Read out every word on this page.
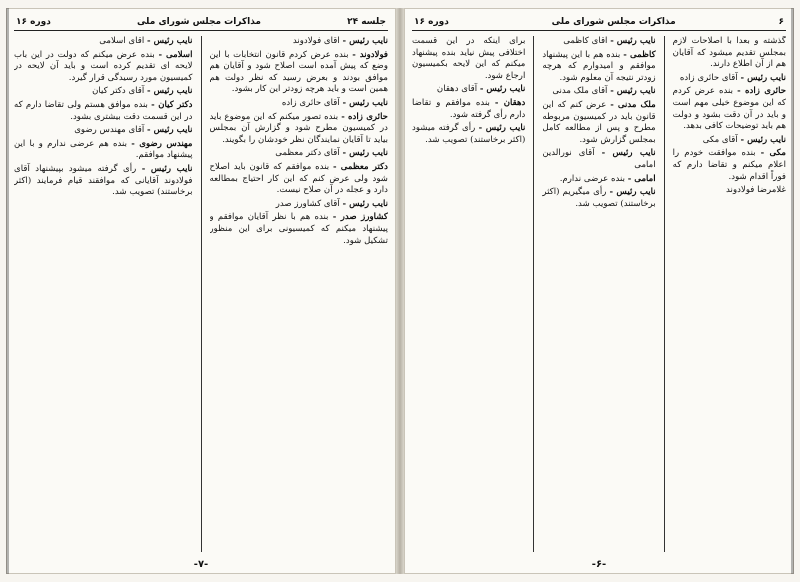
جلسه ۲۴
مذاکرات مجلس شورای ملی
دوره ۱۶

نایب رئیس - آقای فولادوند

فولادوند - بنده عرض کردم قانون انتخابات با این وضع که پیش آمده است اصلاح شود و آقایان هم موافق بودند و بعرض رسید که نظر دولت هم همین است و باید هرچه زودتر این کار بشود.

نایب رئیس - آقای حائری زاده

حائری زاده - بنده تصور میکنم که این موضوع باید در کمیسیون مطرح شود و گزارش آن بمجلس بیاید تا آقایان نمایندگان نظر خودشان را بگویند.

نایب رئیس - آقای دکتر معظمی

دکتر معظمی - بنده موافقم که قانون باید اصلاح شود ولی عرض کنم که این کار احتیاج بمطالعه دارد و عجله در آن صلاح نیست.

نایب رئیس - آقای کشاورز صدر

کشاورز صدر - بنده هم با نظر آقایان موافقم و پیشنهاد میکنم که کمیسیونی برای این منظور تشکیل شود.

نایب رئیس - آقای اسلامی

اسلامی - بنده عرض میکنم که دولت در این باب لایحه ای تقدیم کرده است و باید آن لایحه در کمیسیون مورد رسیدگی قرار گیرد.

نایب رئیس - آقای دکتر کیان

دکتر کیان - بنده موافق هستم ولی تقاضا دارم که در این قسمت دقت بیشتری بشود.

نایب رئیس - آقای مهندس رضوی

مهندس رضوی - بنده هم عرضی ندارم و با این پیشنهاد موافقم.

نایب رئیس - رأی گرفته میشود بپیشنهاد آقای فولادوند آقایانی که موافقند قیام فرمایند (اکثر برخاستند) تصویب شد.

-۷-
۶
مذاکرات مجلس شورای ملی
دوره ۱۶

گذشته و بعداً با اصلاحات لازم بمجلس تقدیم میشود که آقایان هم از آن اطلاع دارند.

نایب رئیس - آقای حائری زاده

حائری زاده - بنده عرض کردم که این موضوع خیلی مهم است و باید در آن دقت بشود و دولت هم باید توضیحات کافی بدهد.

نایب رئیس - آقای مکی

مکی - بنده موافقت خودم را اعلام میکنم و تقاضا دارم که فوراً اقدام شود.

غلامرضا فولادوند

نایب رئیس - آقای کاظمی

کاظمی - بنده هم با این پیشنهاد موافقم و امیدوارم که هرچه زودتر نتیجه آن معلوم شود.

نایب رئیس - آقای ملک مدنی

ملک مدنی - عرض کنم که این قانون باید در کمیسیون مربوطه مطرح و پس از مطالعه کامل بمجلس گزارش شود.

نایب رئیس - آقای نورالدین امامی

امامی - بنده عرضی ندارم.

نایب رئیس - رأی میگیریم (اکثر برخاستند) تصویب شد.

برای اینکه در این قسمت اختلافی پیش نیاید بنده پیشنهاد میکنم که این لایحه بکمیسیون ارجاع شود.

نایب رئیس - آقای دهقان

دهقان - بنده موافقم و تقاضا دارم رأی گرفته شود.

نایب رئیس - رأی گرفته میشود (اکثر برخاستند) تصویب شد.

-۶-
